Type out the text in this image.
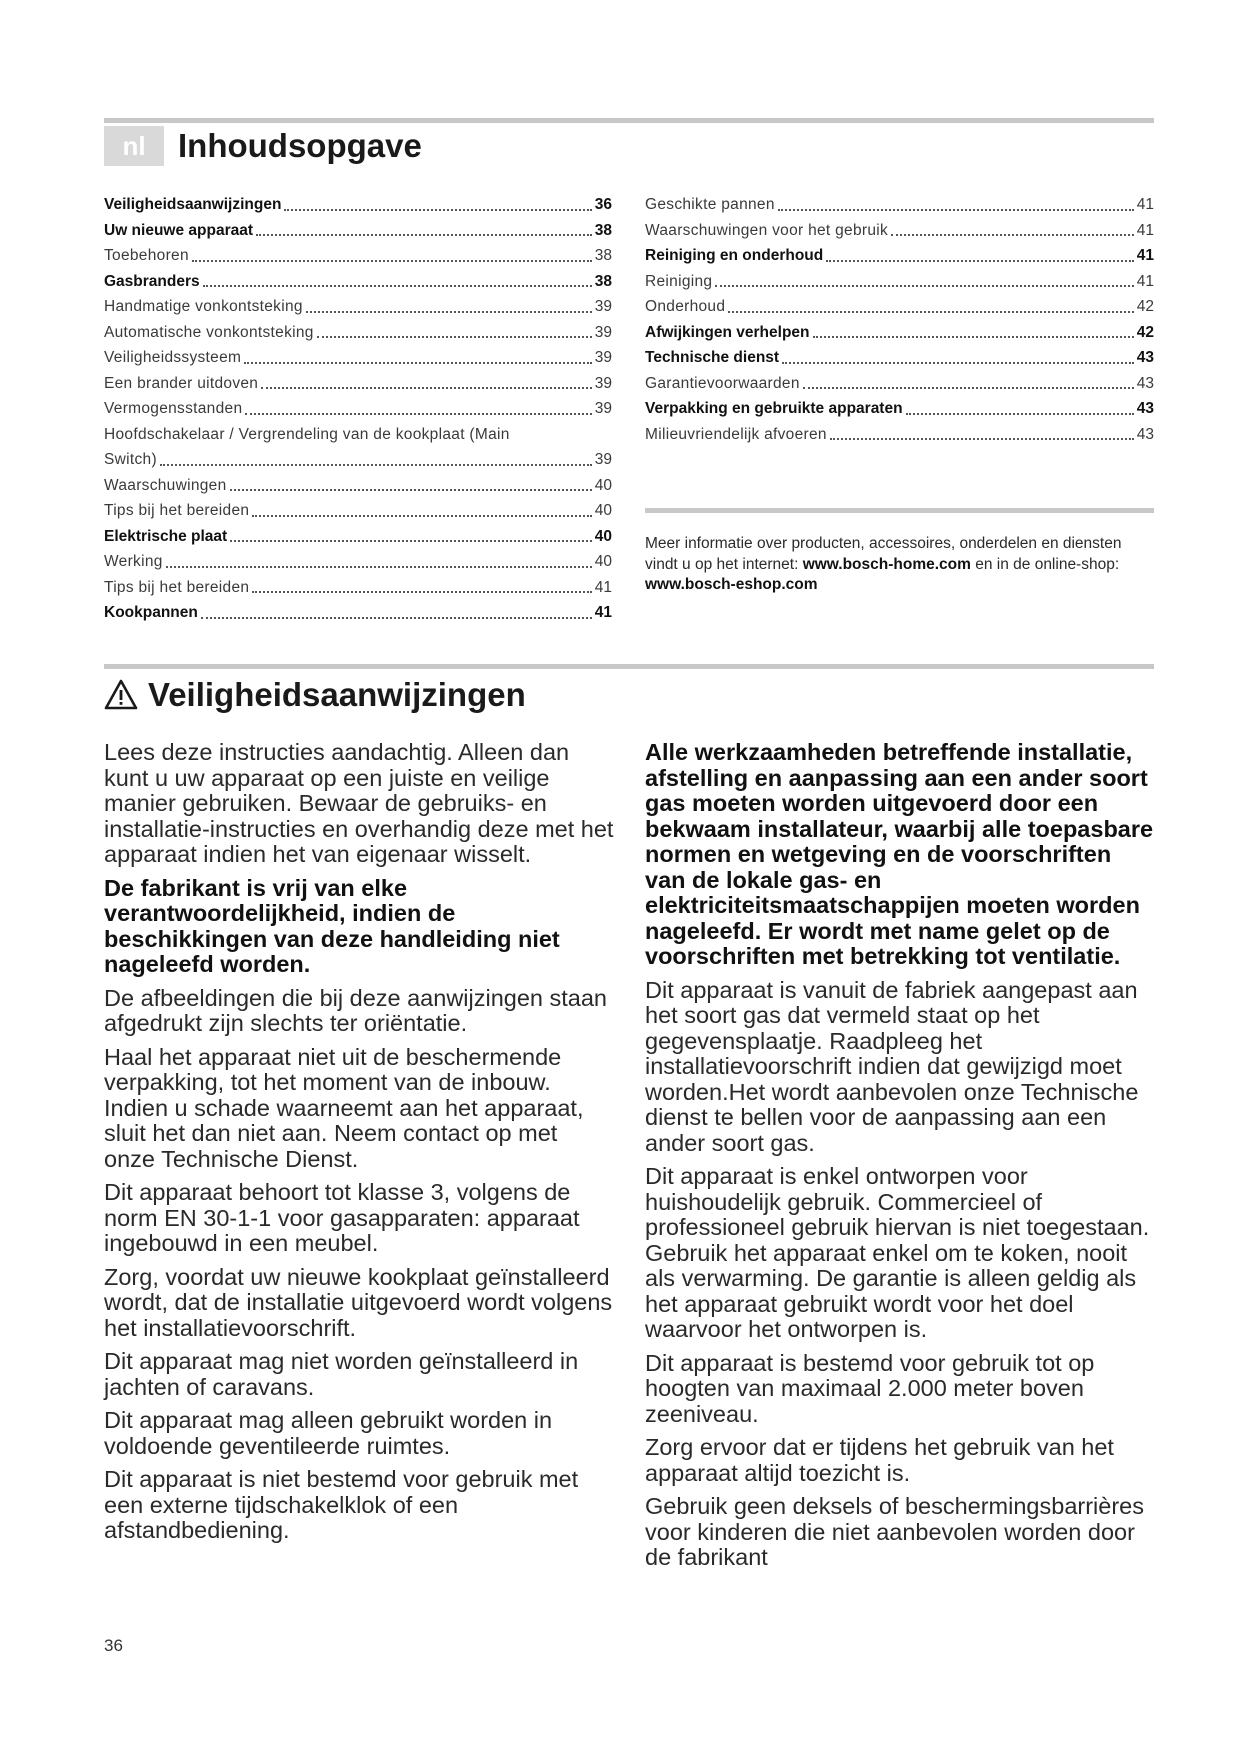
nl Inhoudsopgave
Veiligheidsaanwijzingen	36
Uw nieuwe apparaat	38
Toebehoren	38
Gasbranders	38
Handmatige vonkontsteking	39
Automatische vonkontsteking	39
Veiligheidssysteem	39
Een brander uitdoven	39
Vermogensstanden	39
Hoofdschakelaar / Vergrendeling van de kookplaat (Main
Switch)	39
Waarschuwingen	40
Tips bij het bereiden	40
Elektrische plaat	40
Werking	40
Tips bij het bereiden	41
Kookpannen	41
Geschikte pannen	41
Waarschuwingen voor het gebruik	41
Reiniging en onderhoud	41
Reiniging	41
Onderhoud	42
Afwijkingen verhelpen	42
Technische dienst	43
Garantievoorwaarden	43
Verpakking en gebruikte apparaten	43
Milieuvriendelijk afvoeren	43
Meer informatie over producten, accessoires, onderdelen en diensten vindt u op het internet: www.bosch-home.com en in de online-shop: www.bosch-eshop.com
Veiligheidsaanwijzingen

Lees deze instructies aandachtig. Alleen dan kunt u uw apparaat op een juiste en veilige manier gebruiken. Bewaar de gebruiks- en installatie-instructies en overhandig deze met het apparaat indien het van eigenaar wisselt.

De fabrikant is vrij van elke verantwoordelijkheid, indien de beschikkingen van deze handleiding niet nageleefd worden.

De afbeeldingen die bij deze aanwijzingen staan afgedrukt zijn slechts ter oriëntatie.

Haal het apparaat niet uit de beschermende verpakking, tot het moment van de inbouw. Indien u schade waarneemt aan het apparaat, sluit het dan niet aan. Neem contact op met onze Technische Dienst.

Dit apparaat behoort tot klasse 3, volgens de norm EN 30-1-1 voor gasapparaten: apparaat ingebouwd in een meubel.

Zorg, voordat uw nieuwe kookplaat geïnstalleerd wordt, dat de installatie uitgevoerd wordt volgens het installatievoorschrift.

Dit apparaat mag niet worden geïnstalleerd in jachten of caravans.

Dit apparaat mag alleen gebruikt worden in voldoende geventileerde ruimtes.

Dit apparaat is niet bestemd voor gebruik met een externe tijdschakelklok of een afstandbediening.

Alle werkzaamheden betreffende installatie, afstelling en aanpassing aan een ander soort gas moeten worden uitgevoerd door een bekwaam installateur, waarbij alle toepasbare normen en wetgeving en de voorschriften van de lokale gas- en elektriciteitsmaatschappijen moeten worden nageleefd. Er wordt met name gelet op de voorschriften met betrekking tot ventilatie.

Dit apparaat is vanuit de fabriek aangepast aan het soort gas dat vermeld staat op het gegevensplaatje. Raadpleeg het installatievoorschrift indien dat gewijzigd moet worden.Het wordt aanbevolen onze Technische dienst te bellen voor de aanpassing aan een ander soort gas.

Dit apparaat is enkel ontworpen voor huishoudelijk gebruik. Commercieel of professioneel gebruik hiervan is niet toegestaan. Gebruik het apparaat enkel om te koken, nooit als verwarming. De garantie is alleen geldig als het apparaat gebruikt wordt voor het doel waarvoor het ontworpen is.

Dit apparaat is bestemd voor gebruik tot op hoogten van maximaal 2.000 meter boven zeeniveau.

Zorg ervoor dat er tijdens het gebruik van het apparaat altijd toezicht is.

Gebruik geen deksels of beschermingsbarrières voor kinderen die niet aanbevolen worden door de fabrikant

36
